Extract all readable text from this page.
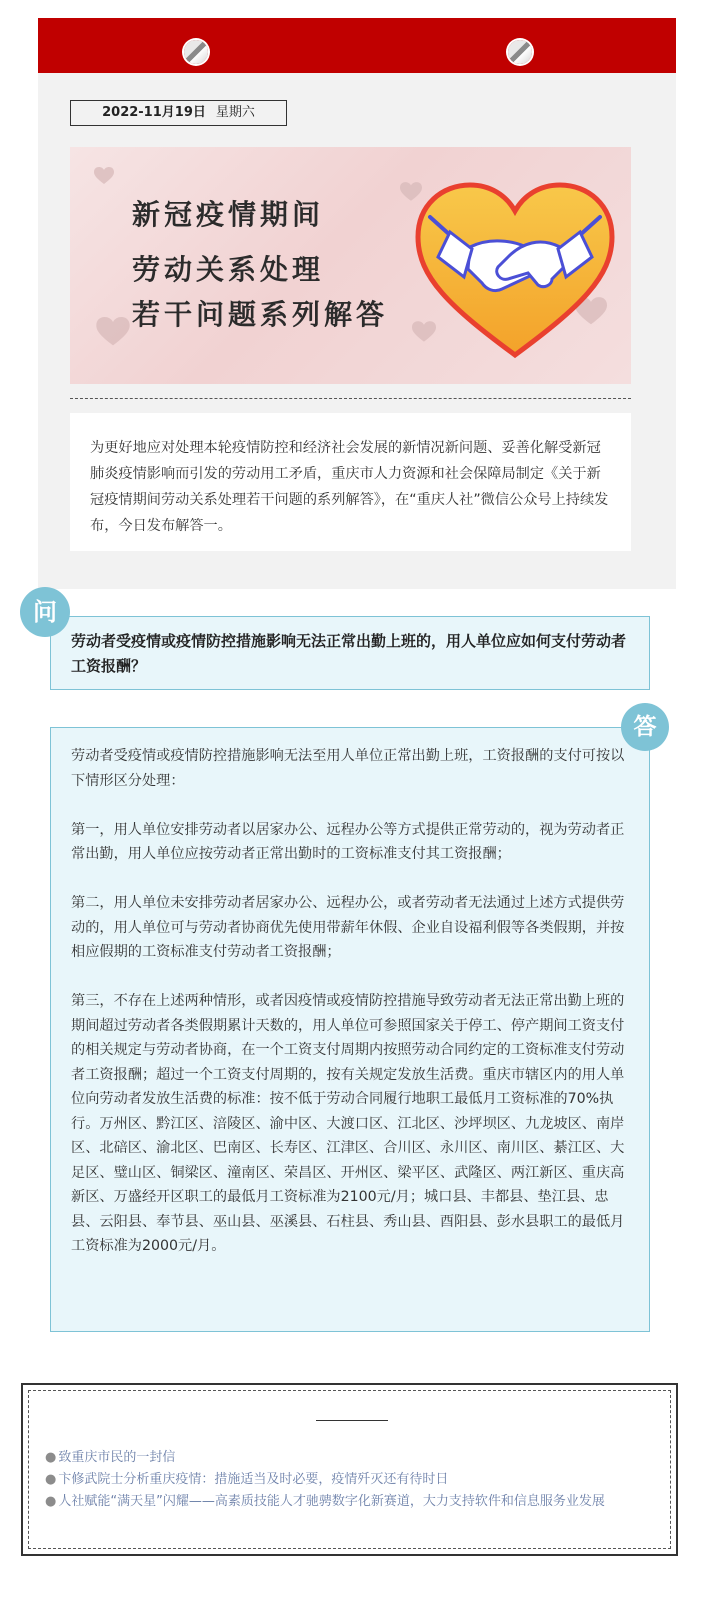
2022-11月19日 星期六
新冠疫情期间
劳动关系处理
若干问题系列解答
为更好地应对处理本轮疫情防控和经济社会发展的新情况新问题、妥善化解受新冠肺炎疫情影响而引发的劳动用工矛盾，重庆市人力资源和社会保障局制定《关于新冠疫情期间劳动关系处理若干问题的系列解答》，在“重庆人社”微信公众号上持续发布，今日发布解答一。
劳动者受疫情或疫情防控措施影响无法正常出勤上班的，用人单位应如何支付劳动者工资报酬？
问

劳动者受疫情或疫情防控措施影响无法至用人单位正常出勤上班，工资报酬的支付可按以下情形区分处理：

第一，用人单位安排劳动者以居家办公、远程办公等方式提供正常劳动的，视为劳动者正常出勤，用人单位应按劳动者正常出勤时的工资标准支付其工资报酬；

第二，用人单位未安排劳动者居家办公、远程办公，或者劳动者无法通过上述方式提供劳动的，用人单位可与劳动者协商优先使用带薪年休假、企业自设福利假等各类假期，并按相应假期的工资标准支付劳动者工资报酬；

第三，不存在上述两种情形，或者因疫情或疫情防控措施导致劳动者无法正常出勤上班的期间超过劳动者各类假期累计天数的，用人单位可参照国家关于停工、停产期间工资支付的相关规定与劳动者协商，在一个工资支付周期内按照劳动合同约定的工资标准支付劳动者工资报酬；超过一个工资支付周期的，按有关规定发放生活费。重庆市辖区内的用人单位向劳动者发放生活费的标准：按不低于劳动合同履行地职工最低月工资标准的70%执行。万州区、黔江区、涪陵区、渝中区、大渡口区、江北区、沙坪坝区、九龙坡区、南岸区、北碚区、渝北区、巴南区、长寿区、江津区、合川区、永川区、南川区、綦江区、大足区、璧山区、铜梁区、潼南区、荣昌区、开州区、梁平区、武隆区、两江新区、重庆高新区、万盛经开区职工的最低月工资标准为2100元/月；城口县、丰都县、垫江县、忠县、云阳县、奉节县、巫山县、巫溪县、石柱县、秀山县、酉阳县、彭水县职工的最低月工资标准为2000元/月。

答
● 致重庆市民的一封信
● 卞修武院士分析重庆疫情：措施适当及时必要，疫情歼灭还有待时日
● 人社赋能“满天星”闪耀——高素质技能人才驰骋数字化新赛道，大力支持软件和信息服务业发展
